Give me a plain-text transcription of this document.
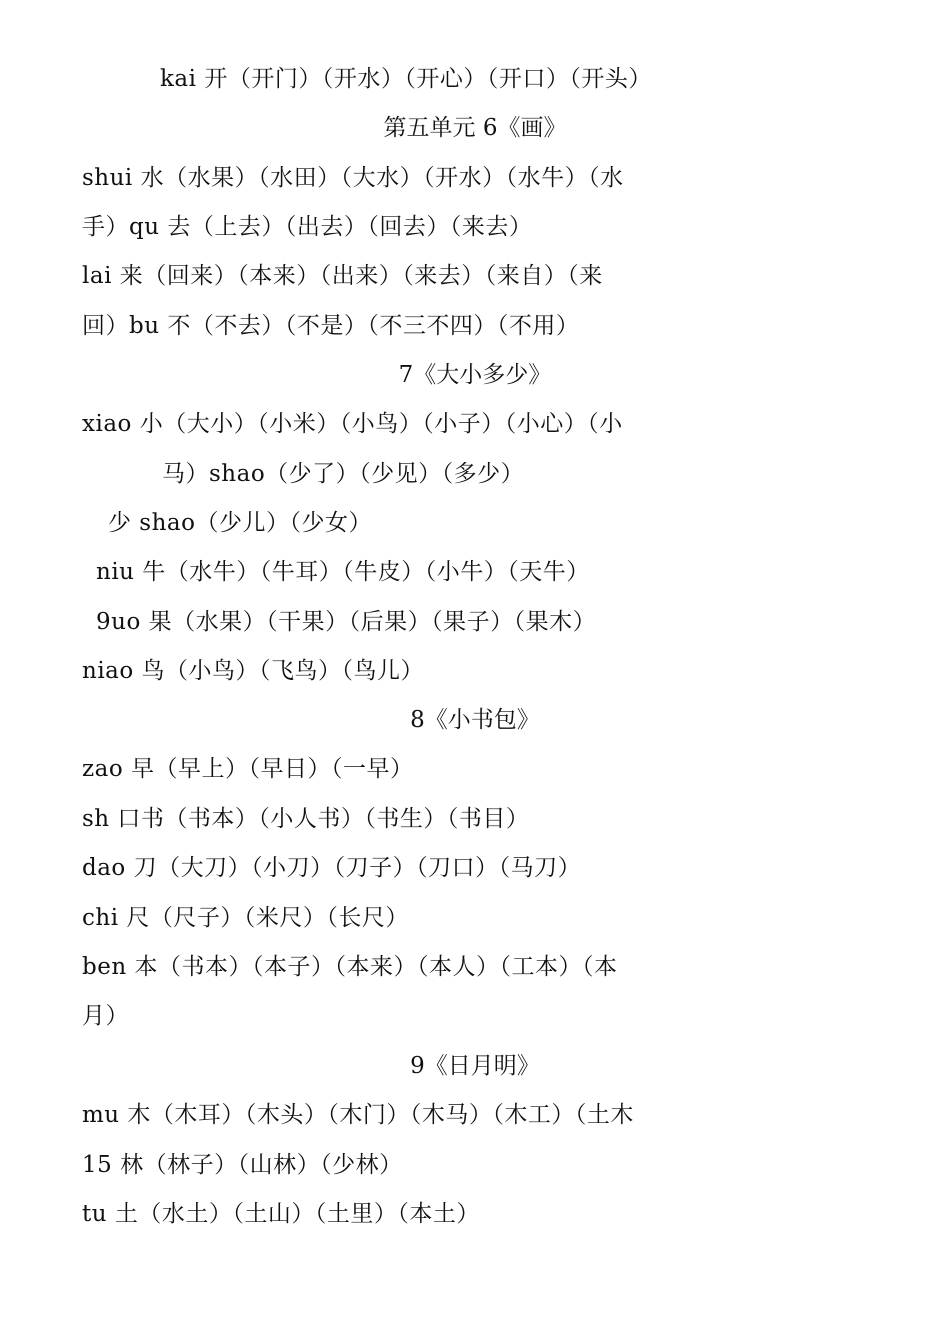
kai 开（开门）（开水）（开心）（开口）（开头）
第五单元 6《画》
shui 水（水果）（水田）（大水）（开水）（水牛）（水
手）qu 去（上去）（出去）（回去）（来去）
lai 来（回来）（本来）（出来）（来去）（来自）（来
回）bu 不（不去）（不是）（不三不四）（不用）
7《大小多少》
xiao 小（大小）（小米）（小鸟）（小子）（小心）（小
马）shao（少了）（少见）（多少）
少 shao（少儿）（少女）
niu 牛（水牛）（牛耳）（牛皮）（小牛）（天牛）
9uo 果（水果）（干果）（后果）（果子）（果木）
niao 鸟（小鸟）（飞鸟）（鸟儿）
8《小书包》
zao 早（早上）（早日）（一早）
sh 口书（书本）（小人书）（书生）（书目）
dao 刀（大刀）（小刀）（刀子）（刀口）（马刀）
chi 尺（尺子）（米尺）（长尺）
ben 本（书本）（本子）（本来）（本人）（工本）（本
月）
9《日月明》
mu 木（木耳）（木头）（木门）（木马）（木工）（土木
15 林（林子）（山林）（少林）
tu 土（水土）（土山）（土里）（本土）
